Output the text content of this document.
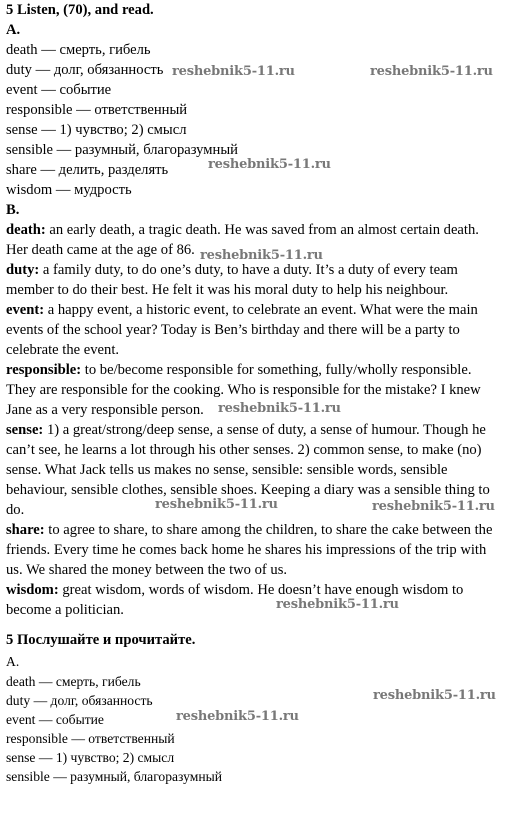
5 Listen, (70), and read.
A.
death — смерть, гибель
duty — долг, обязанность
event — событие
responsible — ответственный
sense — 1) чувство; 2) смысл
sensible — разумный, благоразумный
share — делить, разделять
wisdom — мудрость
B.
death: an early death, a tragic death. He was saved from an almost certain death.
Her death came at the age of 86.
duty: a family duty, to do one’s duty, to have a duty. It’s a duty of every team
member to do their best. He felt it was his moral duty to help his neighbour.
event: a happy event, a historic event, to celebrate an event. What were the main
events of the school year? Today is Ben’s birthday and there will be a party to
celebrate the event.
responsible: to be/become responsible for something, fully/wholly responsible.
They are responsible for the cooking. Who is responsible for the mistake? I knew
Jane as a very responsible person.
sense: 1) a great/strong/deep sense, a sense of duty, a sense of humour. Though he
can’t see, he learns a lot through his other senses. 2) common sense, to make (no)
sense. What Jack tells us makes no sense, sensible: sensible words, sensible
behaviour, sensible clothes, sensible shoes. Keeping a diary was a sensible thing to
do.
share: to agree to share, to share among the children, to share the cake between the
friends. Every time he comes back home he shares his impressions of the trip with
us. We shared the money between the two of us.
wisdom: great wisdom, words of wisdom. He doesn’t have enough wisdom to
become a politician.
5 Послушайте и прочитайте.
А.
death — смерть, гибель
duty — долг, обязанность
event — событие
responsible — ответственный
sense — 1) чувство; 2) смысл
sensible — разумный, благоразумный
reshebnik5-11.ru	reshebnik5-11.ru
reshebnik5-11.ru
reshebnik5-11.ru
reshebnik5-11.ru
reshebnik5-11.ru	reshebnik5-11.ru
reshebnik5-11.ru
reshebnik5-11.ru
reshebnik5-11.ru
